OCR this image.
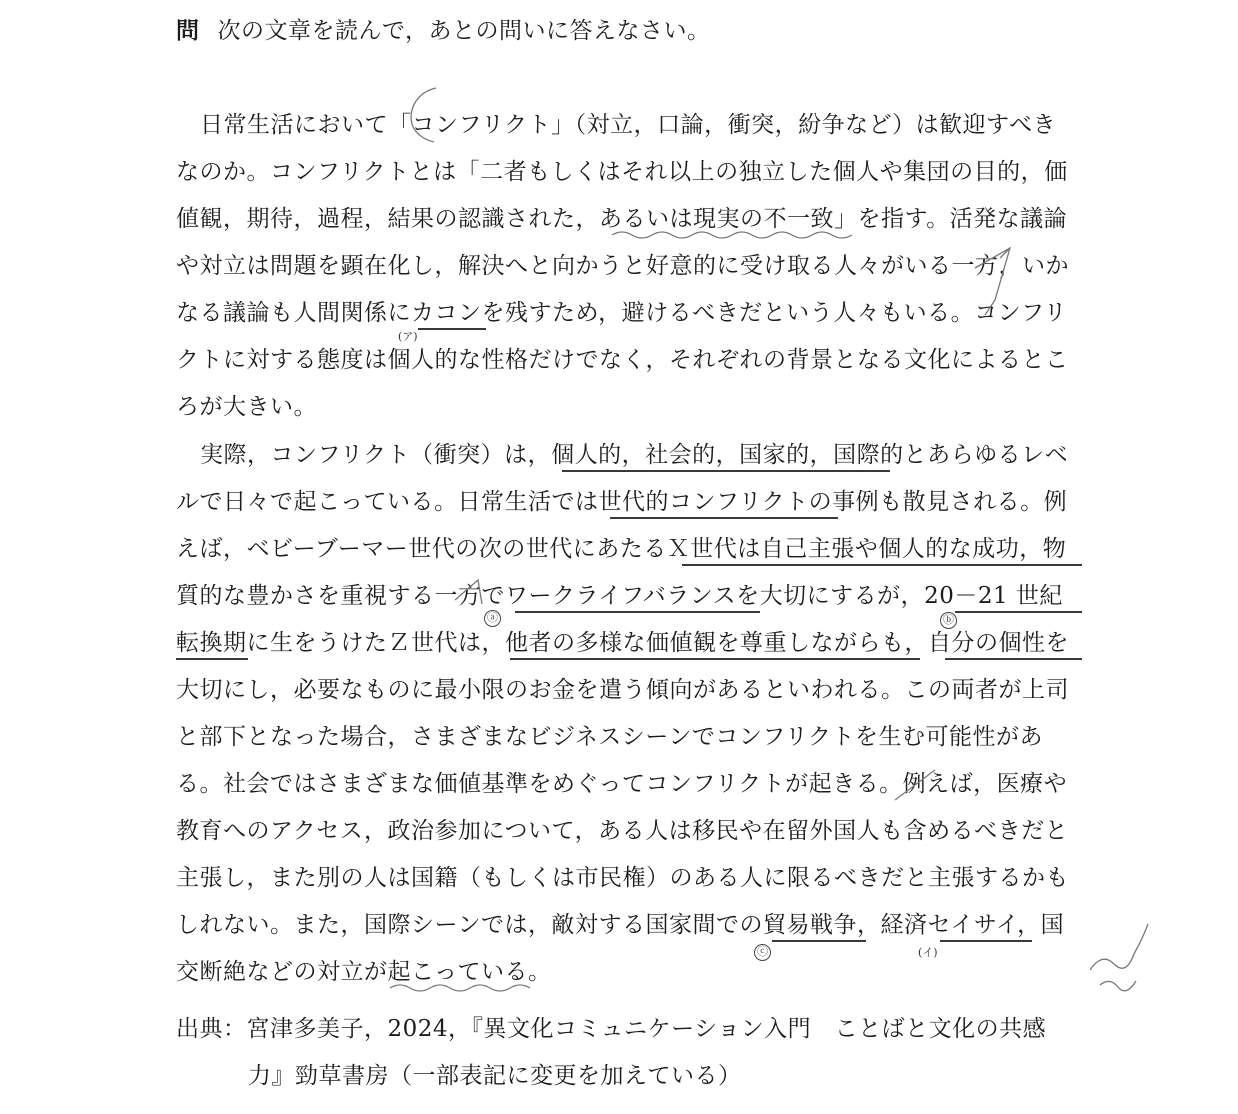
問 次の文章を読んで，あとの問いに答えなさい。
日常生活において「コンフリクト」（対立，口論，衝突，紛争など）は歓迎すべき
なのか。コンフリクトとは「二者もしくはそれ以上の独立した個人や集団の目的，価
値観，期待，過程，結果の認識された，あるいは現実の不一致」を指す。活発な議論
や対立は問題を顕在化し，解決へと向かうと好意的に受け取る人々がいる一方，いか
なる議論も人間関係にカコンを残すため，避けるべきだという人々もいる。コンフリ
クトに対する態度は個人的な性格だけでなく，それぞれの背景となる文化によるとこ
ろが大きい。
実際，コンフリクト（衝突）は，個人的，社会的，国家的，国際的とあらゆるレベ
ルで日々で起こっている。日常生活では世代的コンフリクトの事例も散見される。例
えば，ベビーブーマー世代の次の世代にあたるＸ世代は自己主張や個人的な成功，物
質的な豊かさを重視する一方でワークライフバランスを大切にするが，20－21 世紀
転換期に生をうけたＺ世代は，他者の多様な価値観を尊重しながらも，自分の個性を
大切にし，必要なものに最小限のお金を遣う傾向があるといわれる。この両者が上司
と部下となった場合，さまざまなビジネスシーンでコンフリクトを生む可能性があ
る。社会ではさまざまな価値基準をめぐってコンフリクトが起きる。例えば，医療や
教育へのアクセス，政治参加について，ある人は移民や在留外国人も含めるべきだと
主張し，また別の人は国籍（もしくは市民権）のある人に限るべきだと主張するかも
しれない。また，国際シーンでは，敵対する国家間での貿易戦争，経済セイサイ，国
交断絶などの対立が起こっている。
(ア)
ⓐ	ⓑ
ⓒ	(イ)
出典：宮津多美子，2024，『異文化コミュニケーション入門　ことばと文化の共感
力』勁草書房（一部表記に変更を加えている）
